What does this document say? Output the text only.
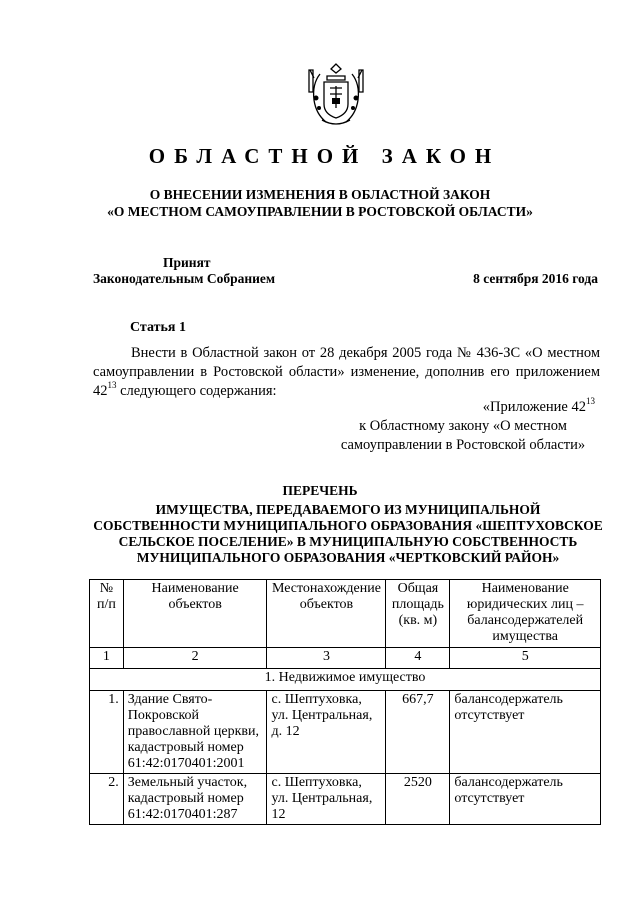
ОБЛАСТНОЙ ЗАКОН
О ВНЕСЕНИИ ИЗМЕНЕНИЯ В ОБЛАСТНОЙ ЗАКОН
«О МЕСТНОМ САМОУПРАВЛЕНИИ В РОСТОВСКОЙ ОБЛАСТИ»
Принят
Законодательным Собранием	8 сентября 2016 года
Статья 1
Внести в Областной закон от 28 декабря 2005 года № 436-ЗС «О местном самоуправлении в Ростовской области» изменение, дополнив его приложением $42^{13}$ следующего содержания:
«Приложение $42^{13}$
к Областному закону «О местном
самоуправлении в Ростовской области»
ПЕРЕЧЕНЬ
ИМУЩЕСТВА, ПЕРЕДАВАЕМОГО ИЗ МУНИЦИПАЛЬНОЙ СОБСТВЕННОСТИ МУНИЦИПАЛЬНОГО ОБРАЗОВАНИЯ «ШЕПТУХОВСКОЕ СЕЛЬСКОЕ ПОСЕЛЕНИЕ» В МУНИЦИПАЛЬНУЮ СОБСТВЕННОСТЬ МУНИЦИПАЛЬНОГО ОБРАЗОВАНИЯ «ЧЕРТКОВСКИЙ РАЙОН»
№ п/п	Наименование объектов	Местонахождение объектов	Общая площадь (кв. м)	Наименование юридических лиц – балансодержателей имущества
1	2	3	4	5
1. Недвижимое имущество				
1.	Здание Свято-Покровской православной церкви, кадастровый номер 61:42:0170401:2001	с. Шептуховка, ул. Центральная, д. 12	667,7	балансодержатель отсутствует
2.	Земельный участок, кадастровый номер 61:42:0170401:287	с. Шептуховка, ул. Центральная, 12	2520	балансодержатель отсутствует
